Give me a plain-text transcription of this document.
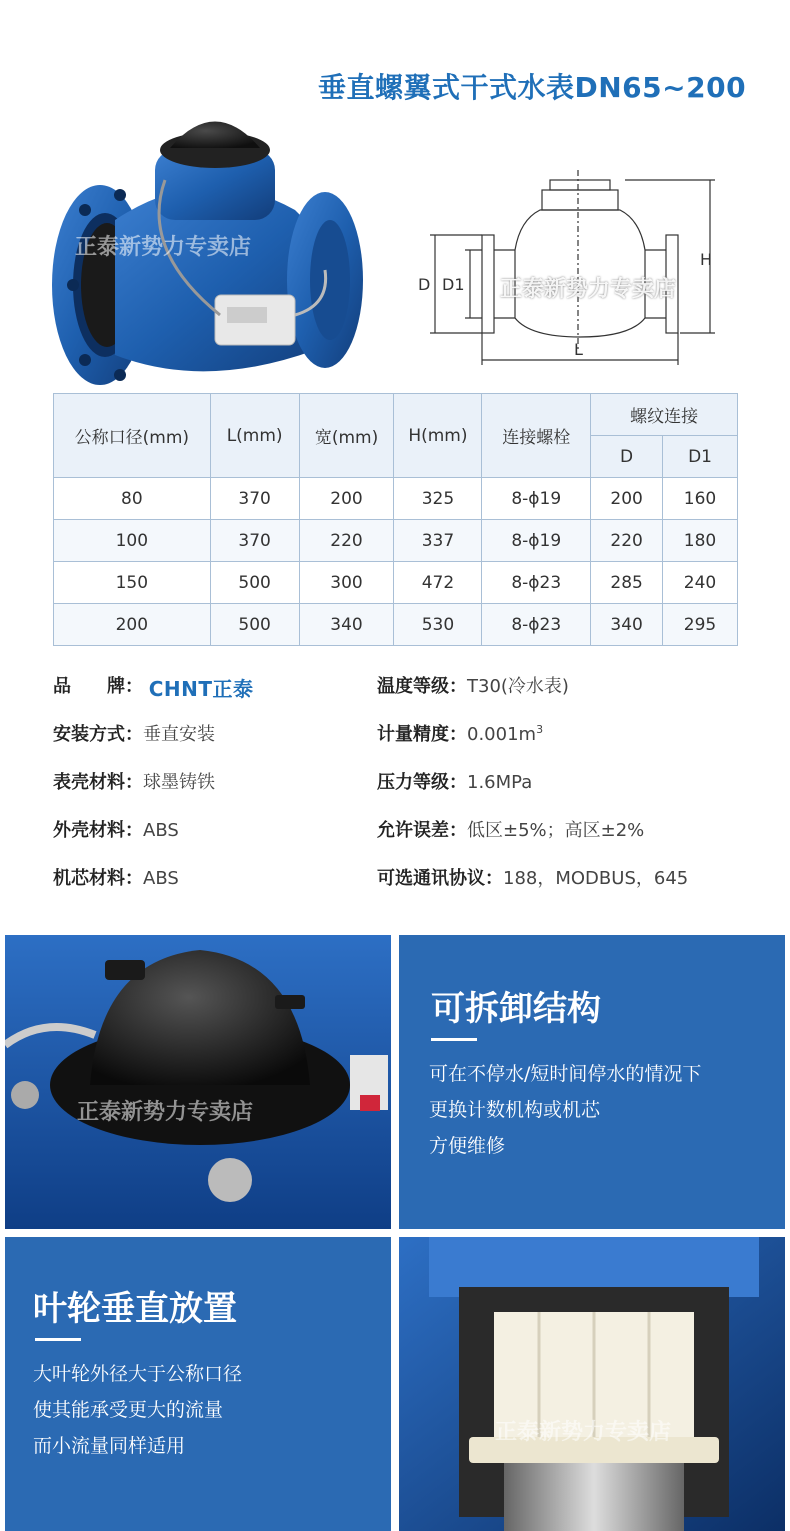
垂直螺翼式干式水表DN65~200
正泰新势力专卖店	H
D D1
L
正泰新势力专卖店
公称口径(mm)	L(mm)	宽(mm)	H(mm)	连接螺栓	螺纹连接	
					D	D1
80	370	200	325	8-ϕ19	200	160
100	370	220	337	8-ϕ19	220	180
150	500	300	472	8-ϕ23	285	240
200	500	340	530	8-ϕ23	340	295
品　　牌： CHNT正泰
安装方式：垂直安装
表壳材料：球墨铸铁
外壳材料：ABS
机芯材料：ABS
温度等级：T30(冷水表)
计量精度：$0.001m^3$
压力等级：1.6MPa
允许误差：低区±5%；高区±2%
可选通讯协议：188，MODBUS，645
正泰新势力专卖店
可拆卸结构
可在不停水/短时间停水的情况下
更换计数机构或机芯
方便维修
叶轮垂直放置
大叶轮外径大于公称口径
使其能承受更大的流量
而小流量同样适用
正泰新势力专卖店
